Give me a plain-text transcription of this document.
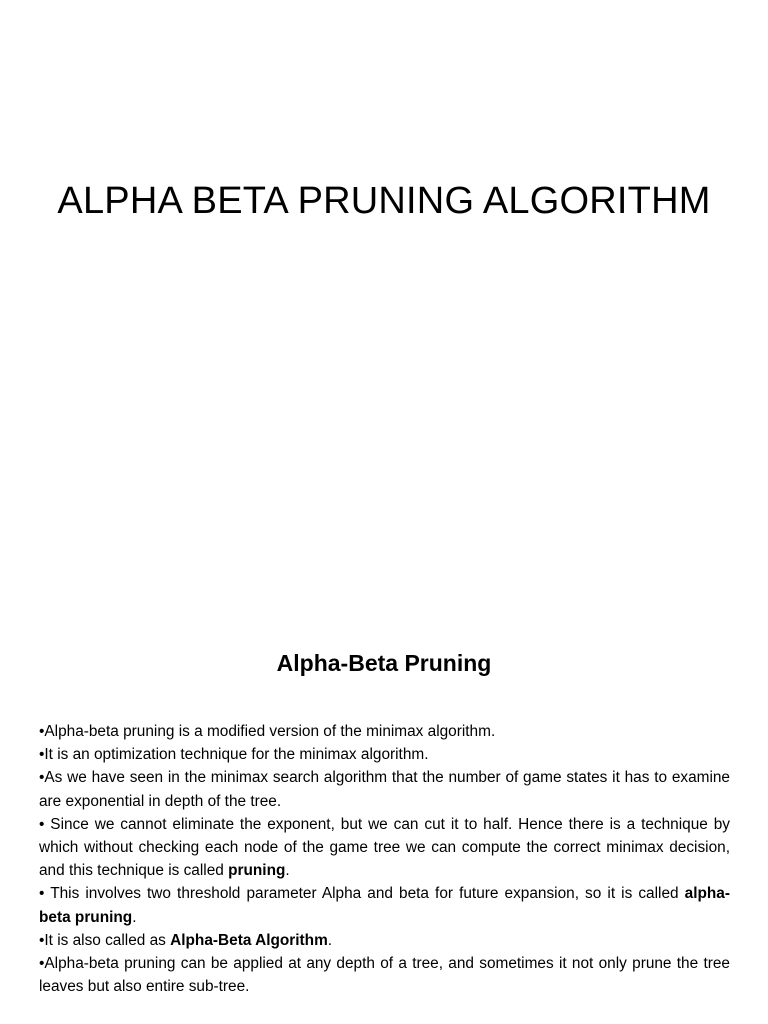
ALPHA BETA PRUNING ALGORITHM
Alpha-Beta Pruning
•Alpha-beta pruning is a modified version of the minimax algorithm.
•It is an optimization technique for the minimax algorithm.
•As we have seen in the minimax search algorithm that the number of game states it has to examine are exponential in depth of the tree.
• Since we cannot eliminate the exponent, but we can cut it to half. Hence there is a technique by which without checking each node of the game tree we can compute the correct minimax decision, and this technique is called pruning.
• This involves two threshold parameter Alpha and beta for future expansion, so it is called alpha-beta pruning.
•It is also called as Alpha-Beta Algorithm.
•Alpha-beta pruning can be applied at any depth of a tree, and sometimes it not only prune the tree leaves but also entire sub-tree.
